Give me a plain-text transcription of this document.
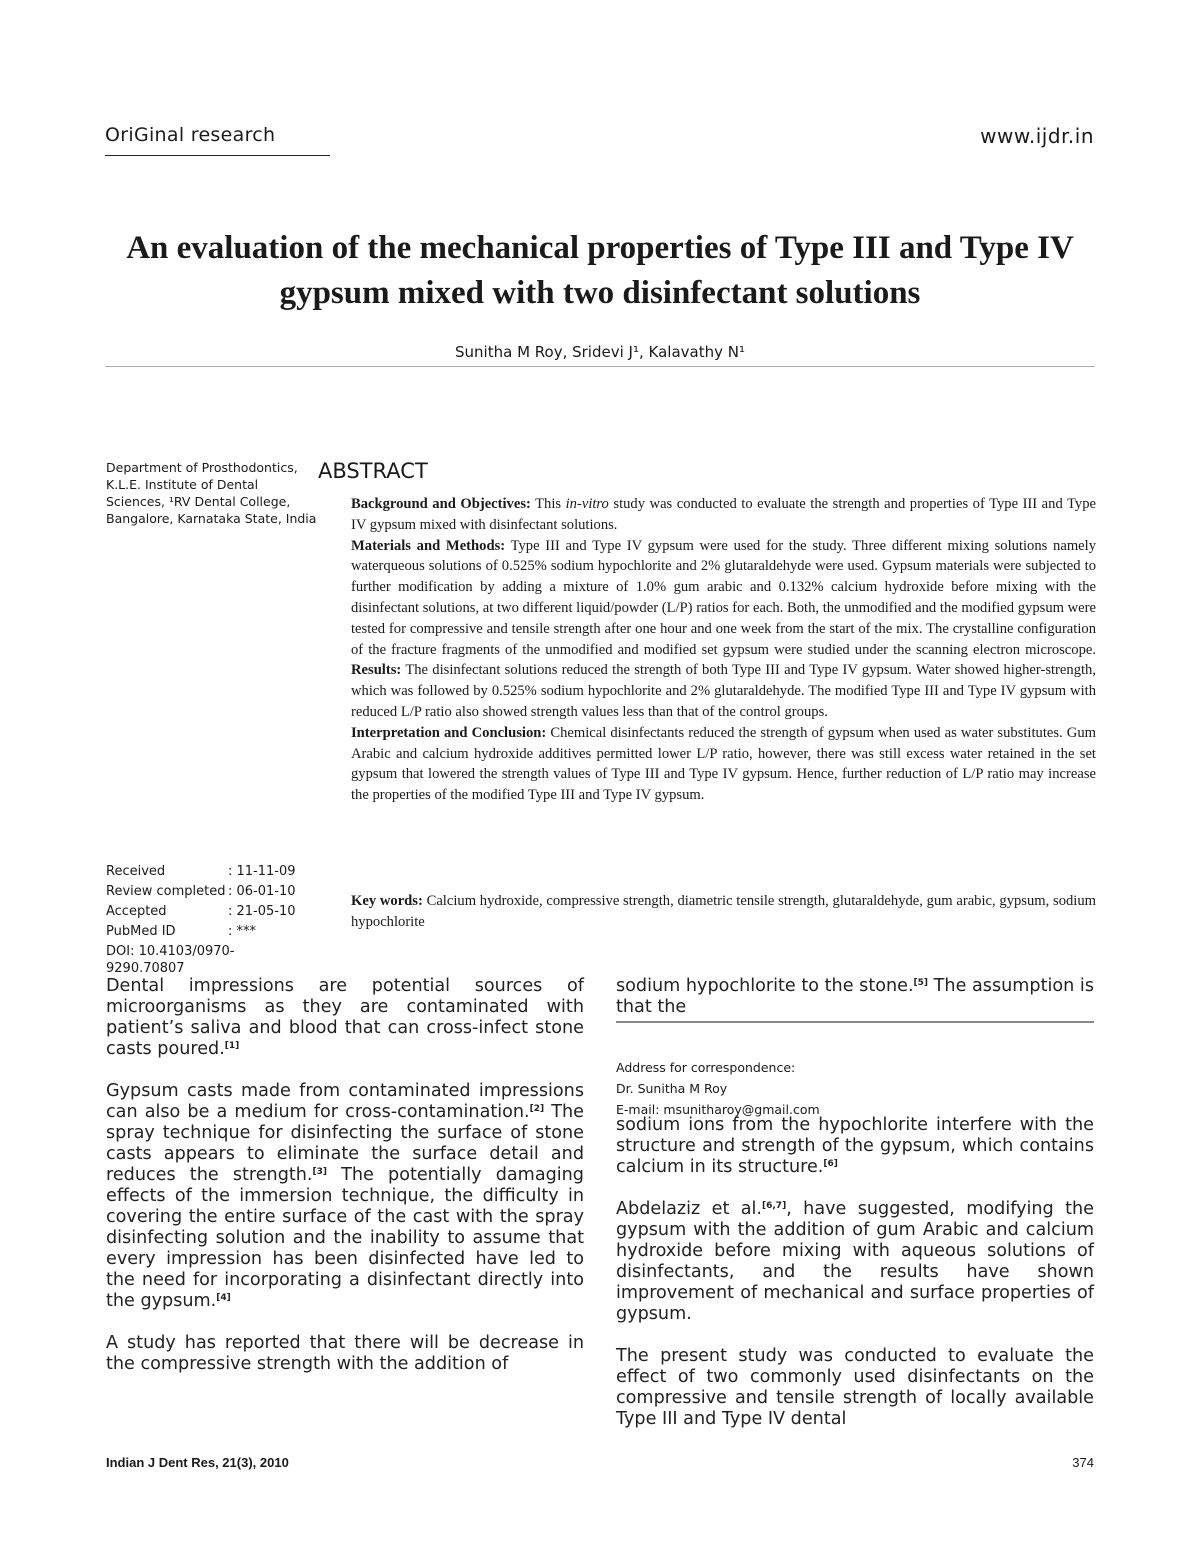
OriGinal research	www.ijdr.in
An evaluation of the mechanical properties of Type III and Type IV gypsum mixed with two disinfectant solutions
Sunitha M Roy, Sridevi J¹, Kalavathy N¹
Department of Prosthodontics, K.L.E. Institute of Dental Sciences, ¹RV Dental College, Bangalore, Karnataka State, India
ABSTRACT

Background and Objectives: This in-vitro study was conducted to evaluate the strength and properties of Type III and Type IV gypsum mixed with disinfectant solutions.

Materials and Methods: Type III and Type IV gypsum were used for the study. Three different mixing solutions namely waterqueous solutions of 0.525% sodium hypochlorite and 2% glutaraldehyde were used. Gypsum materials were subjected to further modification by adding a mixture of 1.0% gum arabic and 0.132% calcium hydroxide before mixing with the disinfectant solutions, at two different liquid/powder (L/P) ratios for each. Both, the unmodified and the modified gypsum were tested for compressive and tensile strength after one hour and one week from the start of the mix. The crystalline configuration of the fracture fragments of the unmodified and modified set gypsum were studied under the scanning electron microscope. Results: The disinfectant solutions reduced the strength of both Type III and Type IV gypsum. Water showed higher-strength, which was followed by 0.525% sodium hypochlorite and 2% glutaraldehyde. The modified Type III and Type IV gypsum with reduced L/P ratio also showed strength values less than that of the control groups.

Interpretation and Conclusion: Chemical disinfectants reduced the strength of gypsum when used as water substitutes. Gum Arabic and calcium hydroxide additives permitted lower L/P ratio, however, there was still excess water retained in the set gypsum that lowered the strength values of Type III and Type IV gypsum. Hence, further reduction of L/P ratio may increase the properties of the modified Type III and Type IV gypsum.

Key words: Calcium hydroxide, compressive strength, diametric tensile strength, glutaraldehyde, gum arabic, gypsum, sodium hypochlorite
Received	: 11-11-09
Review completed : 06-01-10
Accepted	: 21-05-10
PubMed ID	: ***
DOI: 10.4103/0970-9290.70807

Dental impressions are potential sources of microorganisms as they are contaminated with patient’s saliva and blood that can cross-infect stone casts poured.[1]

Gypsum casts made from contaminated impressions can also be a medium for cross-contamination.[2] The spray technique for disinfecting the surface of stone casts appears to eliminate the surface detail and reduces the strength.[3] The potentially damaging effects of the immersion technique, the difficulty in covering the entire surface of the cast with the spray disinfecting solution and the inability to assume that every impression has been disinfected have led to the need for incorporating a disinfectant directly into the gypsum.[4]

A study has reported that there will be decrease in the compressive strength with the addition of

sodium hypochlorite to the stone.[5] The assumption is that the

Address for correspondence:
Dr. Sunitha M Roy
E-mail: msunitharoy@gmail.com

sodium ions from the hypochlorite interfere with the structure and strength of the gypsum, which contains calcium in its structure.[6]

Abdelaziz et al.[6,7], have suggested, modifying the gypsum with the addition of gum Arabic and calcium hydroxide before mixing with aqueous solutions of disinfectants, and the results have shown improvement of mechanical and surface properties of gypsum.

The present study was conducted to evaluate the effect of two commonly used disinfectants on the compressive and tensile strength of locally available Type III and Type IV dental

Indian J Dent Res, 21(3), 2010	374
